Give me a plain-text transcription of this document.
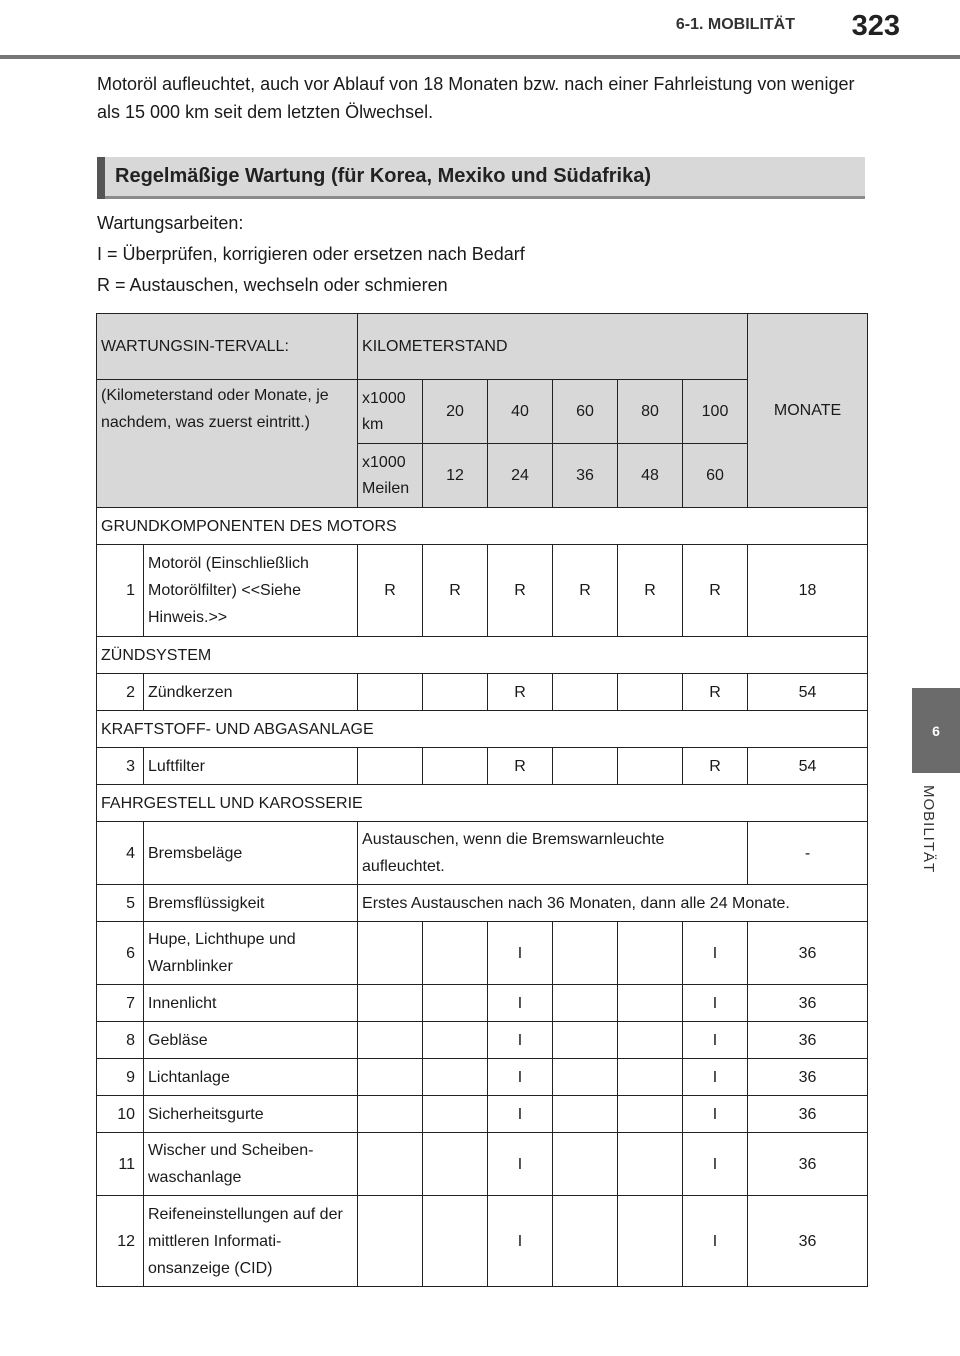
6-1. MOBILITÄT 323
Motoröl aufleuchtet, auch vor Ablauf von 18 Monaten bzw. nach einer Fahrleistung von weniger als 15 000 km seit dem letzten Ölwechsel.
Regelmäßige Wartung (für Korea, Mexiko und Südafrika)
Wartungsarbeiten:
I = Überprüfen, korrigieren oder ersetzen nach Bedarf
R = Austauschen, wechseln oder schmieren
WARTUNGSIN-TERVALL:		KILOMETERSTAND						MONATE
(Kilometerstand oder Monate, je nachdem, was zuerst eintritt.)		x1000 km	20	40	60	80	100	
		x1000 Meilen	12	24	36	48	60	
GRUNDKOMPONENTEN DES MOTORS								
1	Motoröl (Einschließlich Motorölfilter) <<Siehe Hinweis.>>	R	R	R	R	R	R	18
ZÜNDSYSTEM								
2	Zündkerzen			R			R	54
KRAFTSTOFF- UND ABGASANLAGE								
3	Luftfilter			R			R	54
FAHRGESTELL UND KAROSSERIE								
4	Bremsbeläge	Austauschen, wenn die Bremswarnleuchte aufleuchtet.						-
5	Bremsflüssigkeit	Erstes Austauschen nach 36 Monaten, dann alle 24 Monate.						
6	Hupe, Lichthupe und Warnblinker			I			I	36
7	Innenlicht			I			I	36
8	Gebläse			I			I	36
9	Lichtanlage			I			I	36
10	Sicherheitsgurte			I			I	36
11	Wischer und Scheiben-waschanlage			I			I	36
12	Reifeneinstellungen auf der mittleren Informati-onsanzeige (CID)			I			I	36
6
MOBILITÄT
